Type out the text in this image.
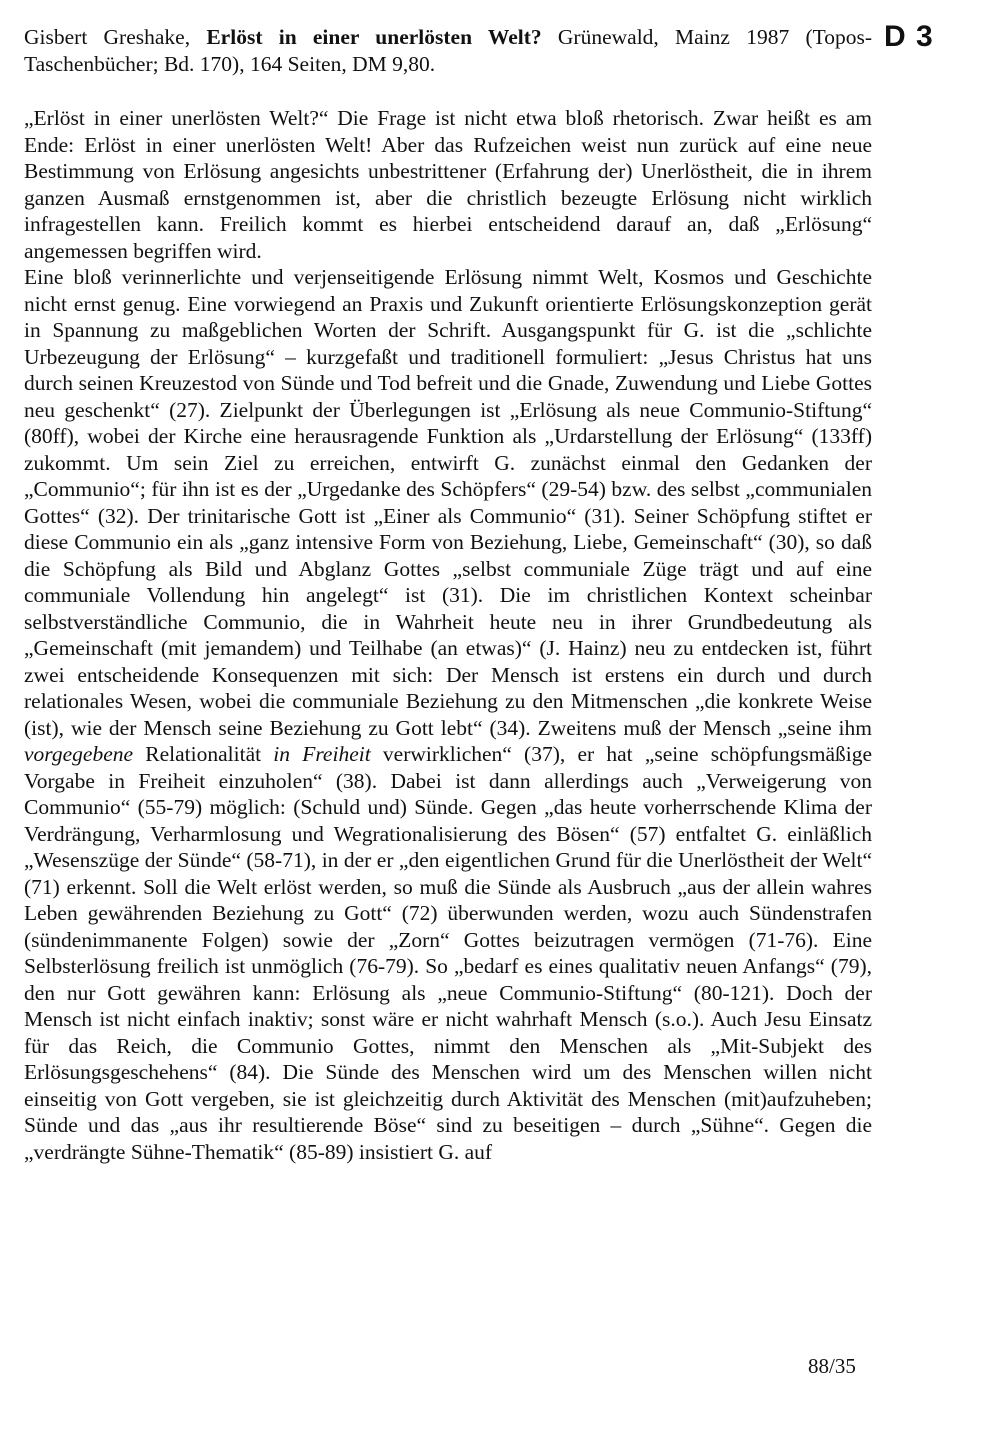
D 3
Gisbert Greshake, Erlöst in einer unerlösten Welt? Grünewald, Mainz 1987 (Topos-Taschenbücher; Bd. 170), 164 Seiten, DM 9,80.

„Erlöst in einer unerlösten Welt?“ Die Frage ist nicht etwa bloß rhetorisch. Zwar heißt es am Ende: Erlöst in einer unerlösten Welt! Aber das Rufzeichen weist nun zurück auf eine neue Bestimmung von Erlösung angesichts unbestrittener (Erfahrung der) Unerlöstheit, die in ihrem ganzen Ausmaß ernstgenommen ist, aber die christlich bezeugte Erlösung nicht wirklich infragestellen kann. Freilich kommt es hierbei entscheidend darauf an, daß „Erlösung“ angemessen begriffen wird.

Eine bloß verinnerlichte und verjenseitigende Erlösung nimmt Welt, Kosmos und Geschichte nicht ernst genug. Eine vorwiegend an Praxis und Zukunft orientierte Erlösungskonzeption gerät in Spannung zu maßgeblichen Worten der Schrift. Ausgangspunkt für G. ist die „schlichte Urbezeugung der Erlösung“ – kurzgefaßt und traditionell formuliert: „Jesus Christus hat uns durch seinen Kreuzestod von Sünde und Tod befreit und die Gnade, Zuwendung und Liebe Gottes neu geschenkt“ (27). Zielpunkt der Überlegungen ist „Erlösung als neue Communio-Stiftung“ (80ff), wobei der Kirche eine herausragende Funktion als „Urdarstellung der Erlösung“ (133ff) zukommt. Um sein Ziel zu erreichen, entwirft G. zunächst einmal den Gedanken der „Communio“; für ihn ist es der „Urgedanke des Schöpfers“ (29-54) bzw. des selbst „communialen Gottes“ (32). Der trinitarische Gott ist „Einer als Communio“ (31). Seiner Schöpfung stiftet er diese Communio ein als „ganz intensive Form von Beziehung, Liebe, Gemeinschaft“ (30), so daß die Schöpfung als Bild und Abglanz Gottes „selbst communiale Züge trägt und auf eine communiale Vollendung hin angelegt“ ist (31). Die im christlichen Kontext scheinbar selbstverständliche Communio, die in Wahrheit heute neu in ihrer Grundbedeutung als „Gemeinschaft (mit jemandem) und Teilhabe (an etwas)“ (J. Hainz) neu zu entdecken ist, führt zwei entscheidende Konsequenzen mit sich: Der Mensch ist erstens ein durch und durch relationales Wesen, wobei die communiale Beziehung zu den Mitmenschen „die konkrete Weise (ist), wie der Mensch seine Beziehung zu Gott lebt“ (34). Zweitens muß der Mensch „seine ihm vorgegebene Relationalität in Freiheit verwirklichen“ (37), er hat „seine schöpfungsmäßige Vorgabe in Freiheit einzuholen“ (38). Dabei ist dann allerdings auch „Verweigerung von Communio“ (55-79) möglich: (Schuld und) Sünde. Gegen „das heute vorherrschende Klima der Verdrängung, Verharmlosung und Wegrationalisierung des Bösen“ (57) entfaltet G. einläßlich „Wesenszüge der Sünde“ (58-71), in der er „den eigentlichen Grund für die Unerlöstheit der Welt“ (71) erkennt. Soll die Welt erlöst werden, so muß die Sünde als Ausbruch „aus der allein wahres Leben gewährenden Beziehung zu Gott“ (72) überwunden werden, wozu auch Sündenstrafen (sündenimmanente Folgen) sowie der „Zorn“ Gottes beizutragen vermögen (71-76). Eine Selbsterlösung freilich ist unmöglich (76-79). So „bedarf es eines qualitativ neuen Anfangs“ (79), den nur Gott gewähren kann: Erlösung als „neue Communio-Stiftung“ (80-121). Doch der Mensch ist nicht einfach inaktiv; sonst wäre er nicht wahrhaft Mensch (s.o.). Auch Jesu Einsatz für das Reich, die Communio Gottes, nimmt den Menschen als „Mit-Subjekt des Erlösungsgeschehens“ (84). Die Sünde des Menschen wird um des Menschen willen nicht einseitig von Gott vergeben, sie ist gleichzeitig durch Aktivität des Menschen (mit)aufzuheben; Sünde und das „aus ihr resultierende Böse“ sind zu beseitigen – durch „Sühne“. Gegen die „verdrängte Sühne-Thematik“ (85-89) insistiert G. auf

88/35
